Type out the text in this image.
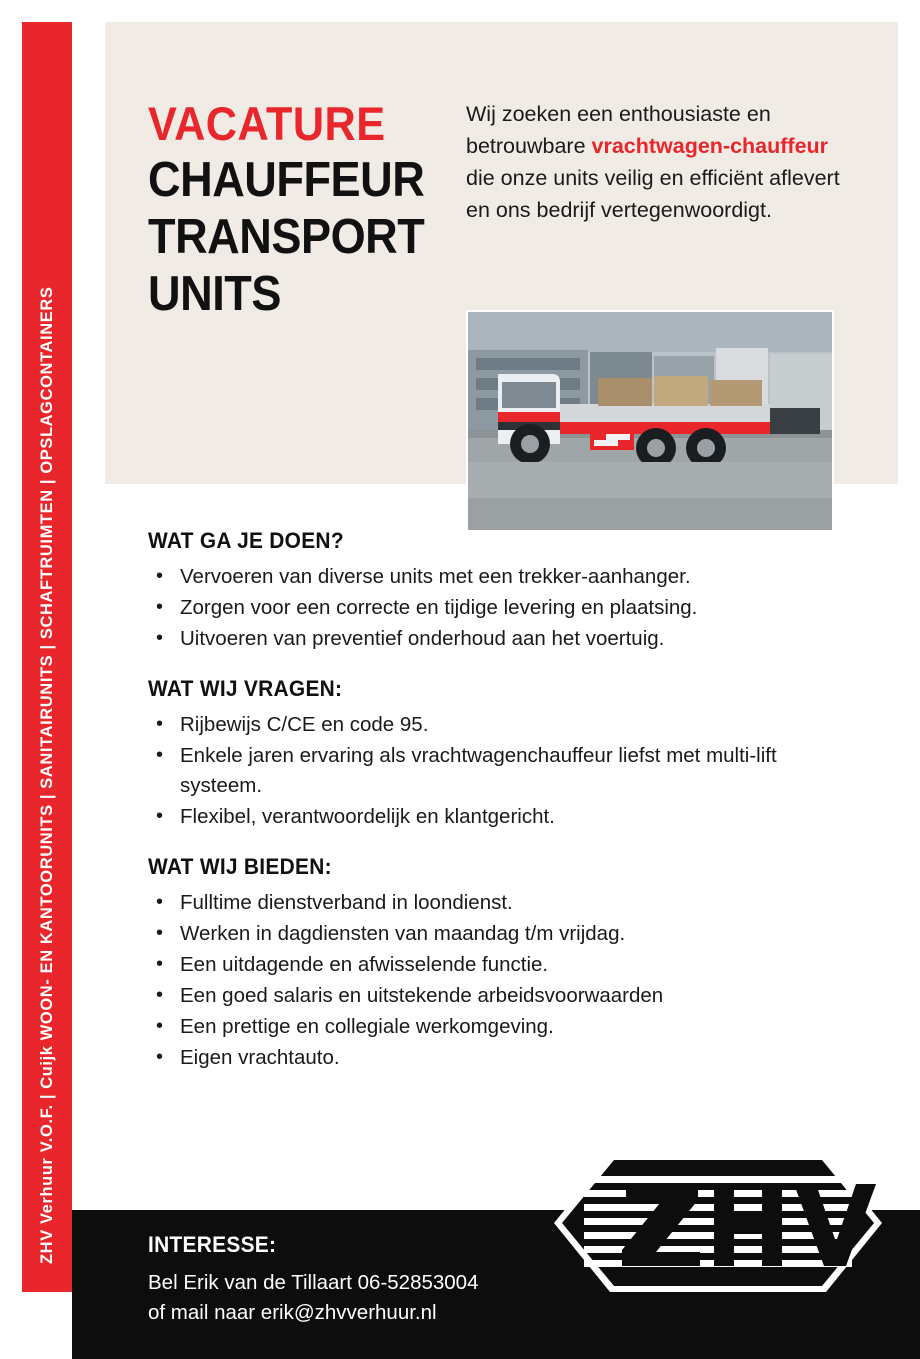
ZHV Verhuur V.O.F. | Cuijk WOON- EN KANTOORUNITS | SANITAIRUNITS | SCHAFTRUIMTEN | OPSLAGCONTAINERS
VACATURE
CHAUFFEUR
TRANSPORT
UNITS
Wij zoeken een enthousiaste en betrouwbare vrachtwagen-chauffeur die onze units veilig en efficiënt aflevert en ons bedrijf vertegenwoordigt.
WAT GA JE DOEN?
• Vervoeren van diverse units met een trekker-aanhanger.
• Zorgen voor een correcte en tijdige levering en plaatsing.
• Uitvoeren van preventief onderhoud aan het voertuig.
WAT WIJ VRAGEN:
• Rijbewijs C/CE en code 95.
• Enkele jaren ervaring als vrachtwagenchauffeur liefst met multi-lift systeem.
• Flexibel, verantwoordelijk en klantgericht.
WAT WIJ BIEDEN:
• Fulltime dienstverband in loondienst.
• Werken in dagdiensten van maandag t/m vrijdag.
• Een uitdagende en afwisselende functie.
• Een goed salaris en uitstekende arbeidsvoorwaarden
• Een prettige en collegiale werkomgeving.
• Eigen vrachtauto.
INTERESSE:
Bel Erik van de Tillaart 06-52853004
of mail naar erik@zhvverhuur.nl
